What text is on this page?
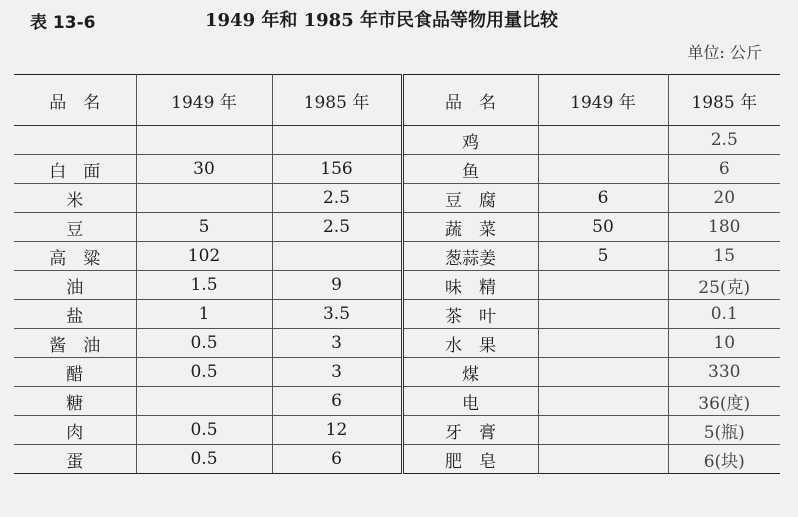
表 13-6	1949 年和 1985 年市民食品等物用量比较
单位: 公斤
品　名	1949 年	1985 年	品　名	1949 年	1985 年
			鸡		2.5
白　面	30	156	鱼		6
米		2.5	豆　腐	6	20
豆	5	2.5	蔬　菜	50	180
高　粱	102		葱蒜姜	5	15
油	1.5	9	味　精		25(克)
盐	1	3.5	茶　叶		0.1
酱　油	0.5	3	水　果		10
醋	0.5	3	煤		330
糖		6	电		36(度)
肉	0.5	12	牙　膏		5(瓶)
蛋	0.5	6	肥　皂		6(块)
